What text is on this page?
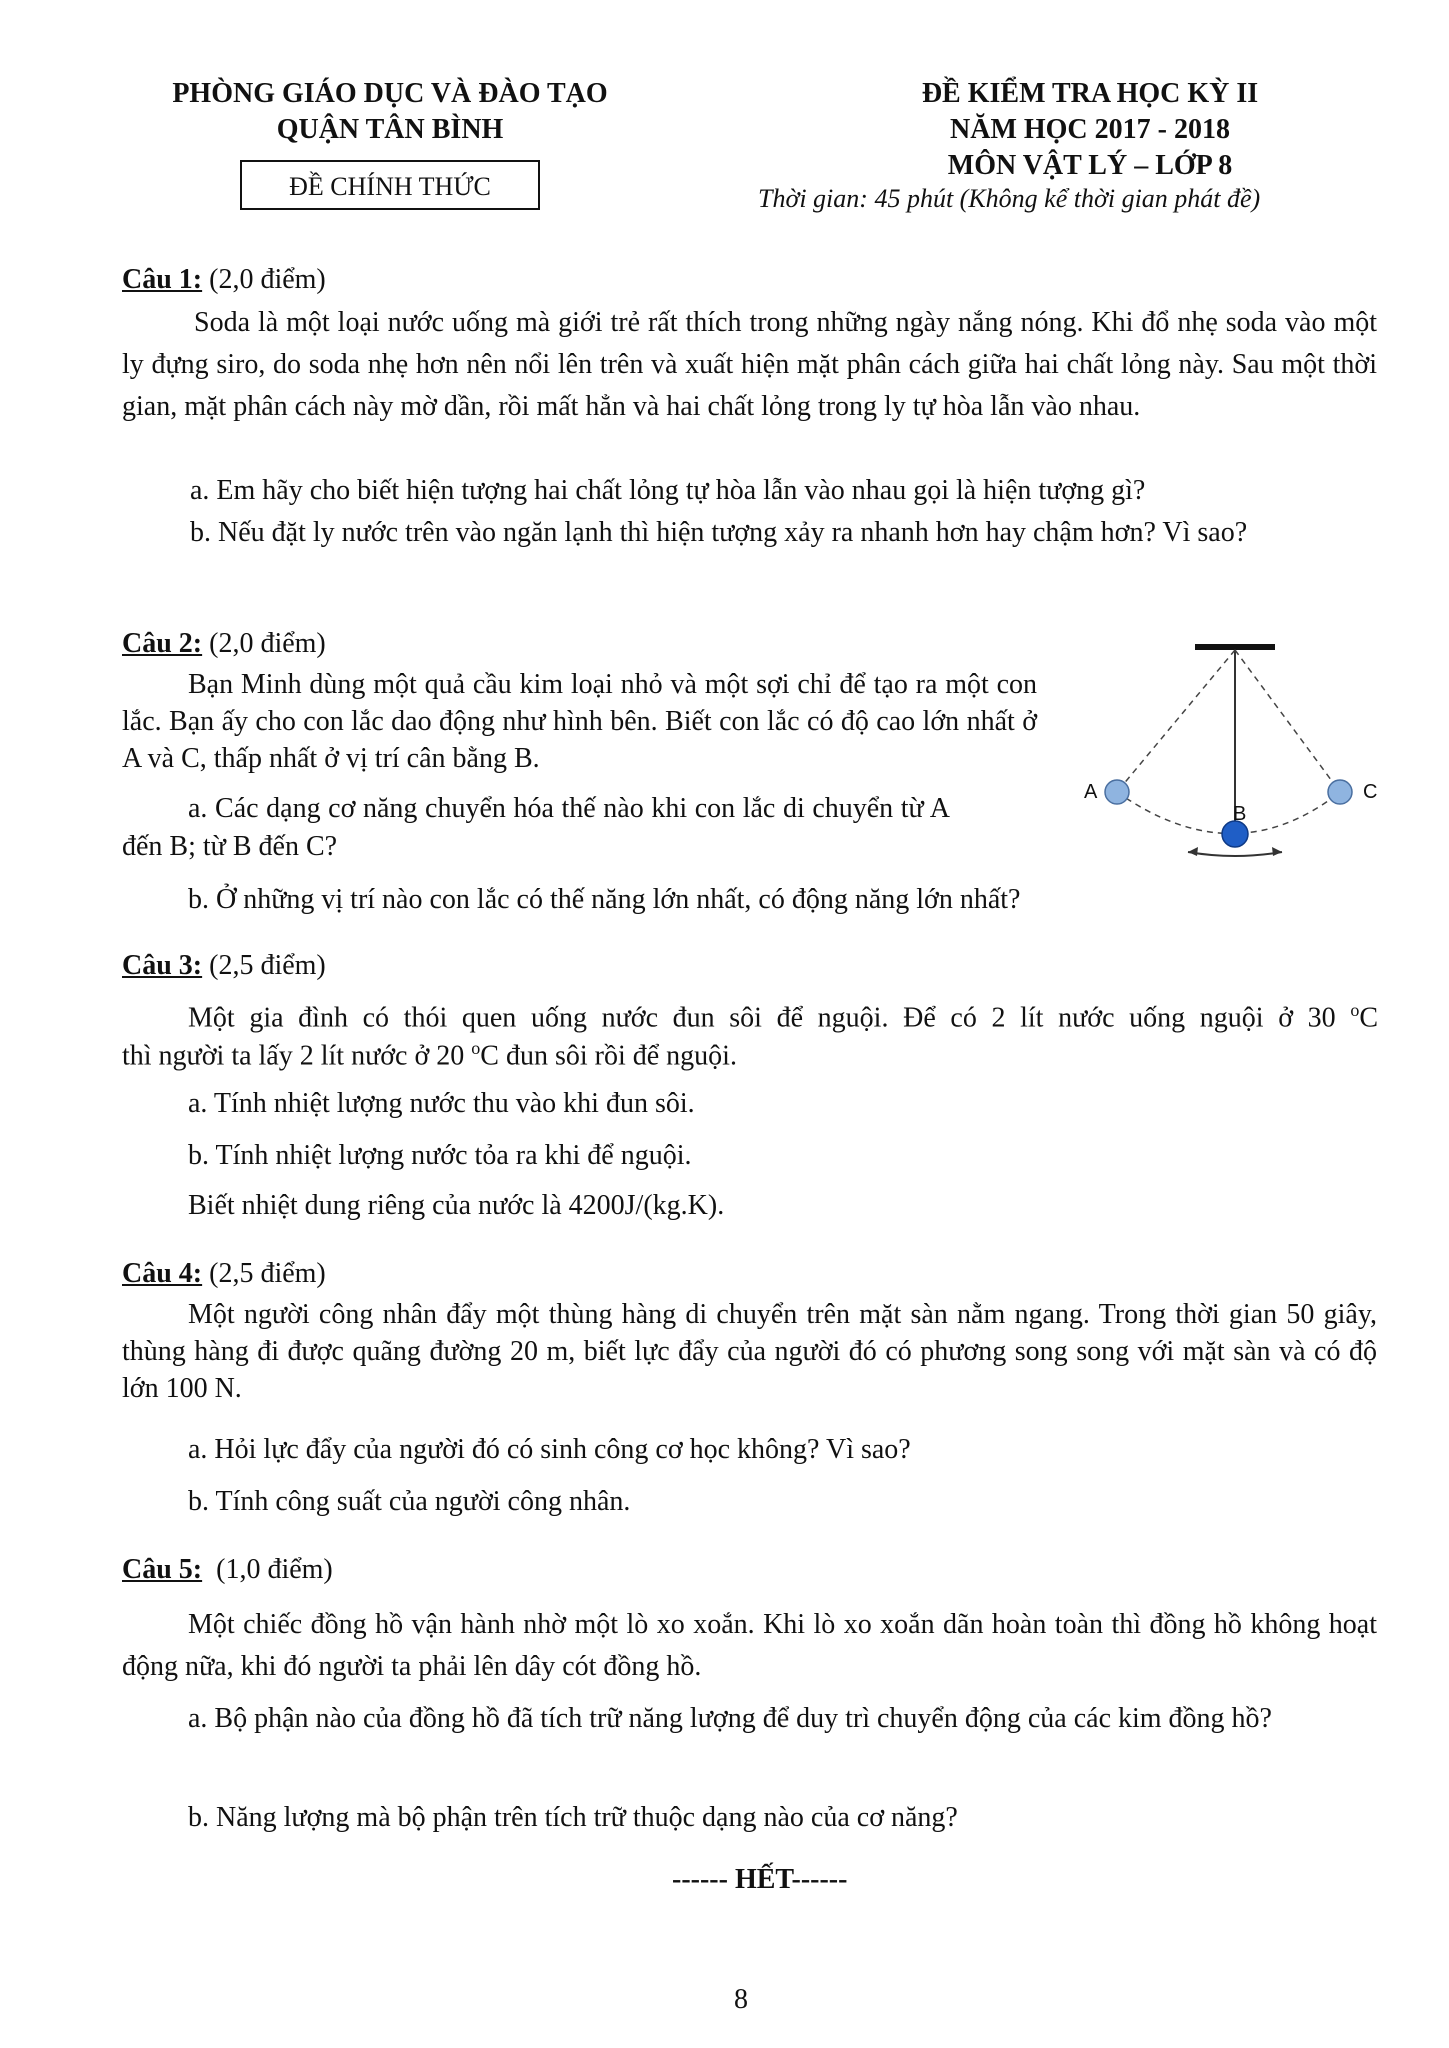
PHÒNG GIÁO DỤC VÀ ĐÀO TẠO
QUẬN TÂN BÌNH
ĐỀ CHÍNH THỨC
ĐỀ KIỂM TRA HỌC KỲ II
NĂM HỌC 2017 - 2018
MÔN VẬT LÝ – LỚP 8
Thời gian: 45 phút (Không kể thời gian phát đề)
Câu 1: (2,0 điểm)
Soda là một loại nước uống mà giới trẻ rất thích trong những ngày nắng nóng. Khi đổ nhẹ soda vào một ly đựng siro, do soda nhẹ hơn nên nổi lên trên và xuất hiện mặt phân cách giữa hai chất lỏng này. Sau một thời gian, mặt phân cách này mờ dần, rồi mất hẳn và hai chất lỏng trong ly tự hòa lẫn vào nhau.
a. Em hãy cho biết hiện tượng hai chất lỏng tự hòa lẫn vào nhau gọi là hiện tượng gì?
b. Nếu đặt ly nước trên vào ngăn lạnh thì hiện tượng xảy ra nhanh hơn hay chậm hơn? Vì sao?
Câu 2: (2,0 điểm)
Bạn Minh dùng một quả cầu kim loại nhỏ và một sợi chỉ để tạo ra một con lắc. Bạn ấy cho con lắc dao động như hình bên. Biết con lắc có độ cao lớn nhất ở A và C, thấp nhất ở vị trí cân bằng B.
a. Các dạng cơ năng chuyển hóa thế nào khi con lắc di chuyển từ A đến B; từ B đến C?
b. Ở những vị trí nào con lắc có thế năng lớn nhất, có động năng lớn nhất?
A
B
C
Câu 3: (2,5 điểm)
Một gia đình có thói quen uống nước đun sôi để nguội. Để có 2 lít nước uống nguội ở 30 $^o$C
thì người ta lấy 2 lít nước ở 20 $^o$C đun sôi rồi để nguội.
a. Tính nhiệt lượng nước thu vào khi đun sôi.
b. Tính nhiệt lượng nước tỏa ra khi để nguội.
Biết nhiệt dung riêng của nước là 4200J/(kg.K).
Câu 4: (2,5 điểm)
Một người công nhân đẩy một thùng hàng di chuyển trên mặt sàn nằm ngang. Trong thời gian 50 giây, thùng hàng đi được quãng đường 20 m, biết lực đẩy của người đó có phương song song với mặt sàn và có độ lớn 100 N.
a. Hỏi lực đẩy của người đó có sinh công cơ học không? Vì sao?
b. Tính công suất của người công nhân.
Câu 5:  (1,0 điểm)
Một chiếc đồng hồ vận hành nhờ một lò xo xoắn. Khi lò xo xoắn dãn hoàn toàn thì đồng hồ không hoạt động nữa, khi đó người ta phải lên dây cót đồng hồ.
a. Bộ phận nào của đồng hồ đã tích trữ năng lượng để duy trì chuyển động của các kim đồng hồ?
b. Năng lượng mà bộ phận trên tích trữ thuộc dạng nào của cơ năng?
------ HẾT------
8
